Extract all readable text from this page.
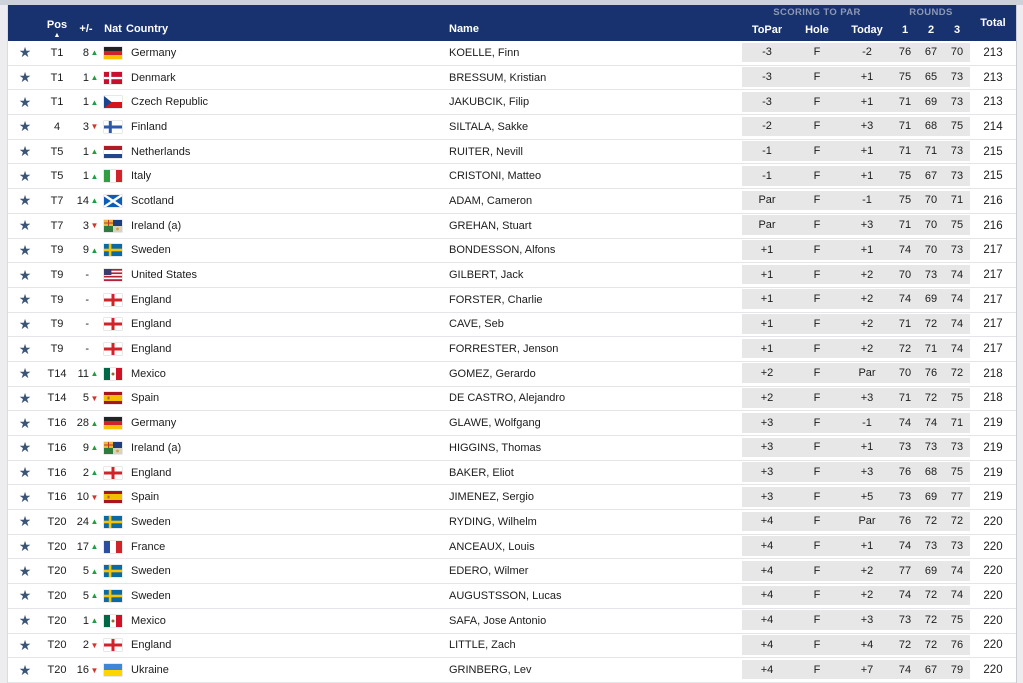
Pos
▲	+/-	Nat Country	Name
SCORING TO PAR
ToPar	Hole	Today
ROUNDS
1	2	3
Total
★	T1	8 ▲	Germany	KOELLE, Finn	-3	F	-2	76	67	70	213
★	T1	1 ▲	Denmark	BRESSUM, Kristian	-3	F	+1	75	65	73	213
★	T1	1 ▲	Czech Republic	JAKUBCIK, Filip	-3	F	+1	71	69	73	213
★	4	3 ▼	Finland	SILTALA, Sakke	-2	F	+3	71	68	75	214
★	T5	1 ▲	Netherlands	RUITER, Nevill	-1	F	+1	71	71	73	215
★	T5	1 ▲	Italy	CRISTONI, Matteo	-1	F	+1	75	67	73	215
★	T7	14 ▲	Scotland	ADAM, Cameron	Par	F	-1	75	70	71	216
★	T7	3 ▼	Ireland (a)	GREHAN, Stuart	Par	F	+3	71	70	75	216
★	T9	9 ▲	Sweden	BONDESSON, Alfons	+1	F	+1	74	70	73	217
★	T9	-	United States	GILBERT, Jack	+1	F	+2	70	73	74	217
★	T9	-	England	FORSTER, Charlie	+1	F	+2	74	69	74	217
★	T9	-	England	CAVE, Seb	+1	F	+2	71	72	74	217
★	T9	-	England	FORRESTER, Jenson	+1	F	+2	72	71	74	217
★	T14	11 ▲	Mexico	GOMEZ, Gerardo	+2	F	Par	70	76	72	218
★	T14	5 ▼	Spain	DE CASTRO, Alejandro	+2	F	+3	71	72	75	218
★	T16 28 ▲	Germany	GLAWE, Wolfgang	+3	F	-1	74	74	71	219
★	T16	9 ▲	Ireland (a)	HIGGINS, Thomas	+3	F	+1	73	73	73	219
★	T16	2 ▲	England	BAKER, Eliot	+3	F	+3	76	68	75	219
★	T16 10 ▼	Spain	JIMENEZ, Sergio	+3	F	+5	73	69	77	219
★	T20 24 ▲	Sweden	RYDING, Wilhelm	+4	F	Par	76	72	72	220
★	T20 17 ▲	France	ANCEAUX, Louis	+4	F	+1	74	73	73	220
★	T20	5 ▲	Sweden	EDERO, Wilmer	+4	F	+2	77	69	74	220
★	T20	5 ▲	Sweden	AUGUSTSSON, Lucas	+4	F	+2	74	72	74	220
★	T20	1 ▲	Mexico	SAFA, Jose Antonio	+4	F	+3	73	72	75	220
★	T20	2 ▼	England	LITTLE, Zach	+4	F	+4	72	72	76	220
★	T20 16 ▼	Ukraine	GRINBERG, Lev	+4	F	+7	74	67	79	220
